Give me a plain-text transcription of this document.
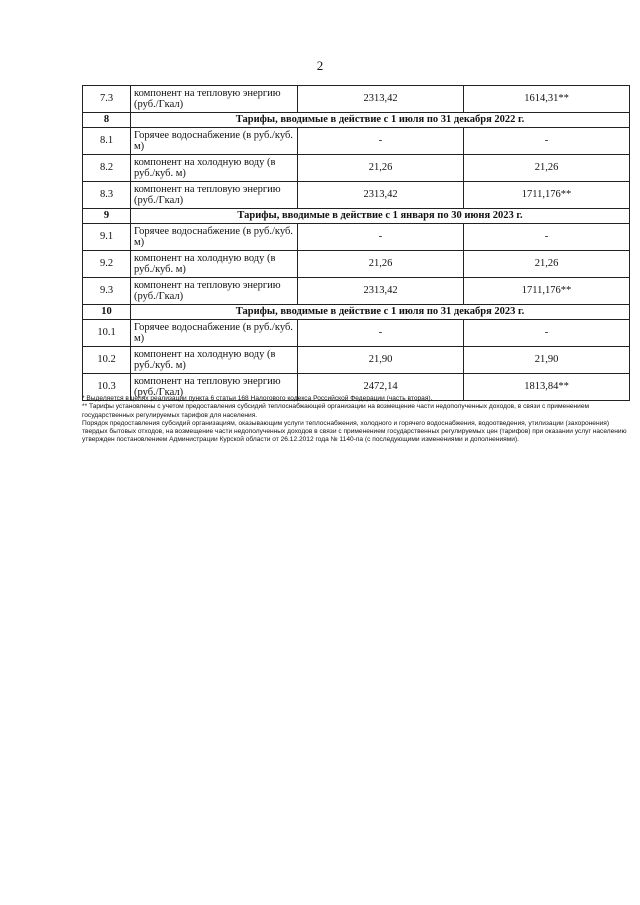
2
7.3	компонент на тепловую энергию (руб./Гкал)	2313,42	1614,31**
8	Тарифы, вводимые в действие с 1 июля по 31 декабря 2022 г.		
8.1	Горячее водоснабжение (в руб./куб. м)	-	-
8.2	компонент на холодную воду (в руб./куб. м)	21,26	21,26
8.3	компонент на тепловую энергию (руб./Гкал)	2313,42	1711,176**
9	Тарифы, вводимые в действие с 1 января по 30 июня 2023 г.		
9.1	Горячее водоснабжение (в руб./куб. м)	-	-
9.2	компонент на холодную воду (в руб./куб. м)	21,26	21,26
9.3	компонент на тепловую энергию (руб./Гкал)	2313,42	1711,176**
10	Тарифы, вводимые в действие с 1 июля по 31 декабря 2023 г.		
10.1	Горячее водоснабжение (в руб./куб. м)	-	-
10.2	компонент на холодную воду (в руб./куб. м)	21,90	21,90
10.3	компонент на тепловую энергию (руб./Гкал)	2472,14	1813,84**

* Выделяется в целях реализации пункта 6 статьи 168 Налогового кодекса Российской Федерации (часть вторая).

** Тарифы установлены с учетом предоставления субсидий теплоснабжающей организации на возмещение части недополученных доходов, в связи с применением государственных регулируемых тарифов для населения.

Порядок предоставления субсидий организациям, оказывающим услуги теплоснабжения, холодного и горячего водоснабжения, водоотведения, утилизации (захоронения) твердых бытовых отходов, на возмещение части недополученных доходов в связи с применением государственных регулируемых цен (тарифов) при оказании услуг населению утвержден постановлением Администрации Курской области от 26.12.2012 года № 1140-па (с последующими изменениями и дополнениями).
